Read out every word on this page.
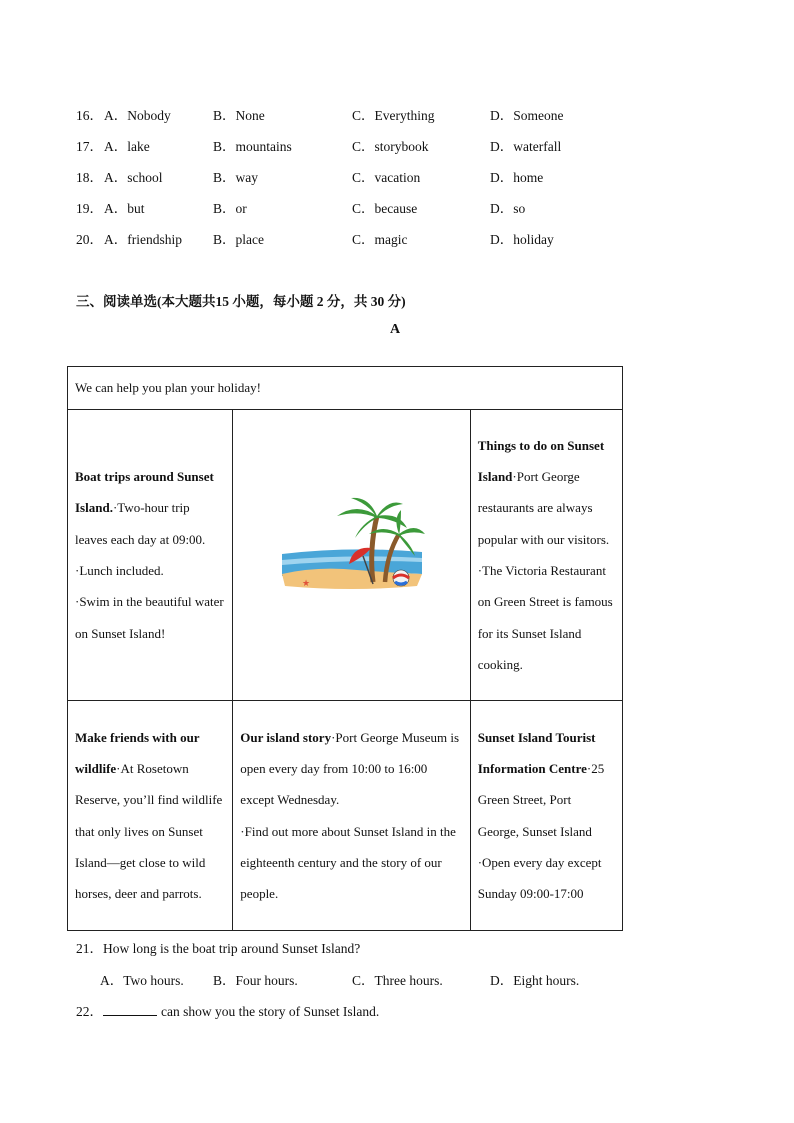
16． A．Nobody	B．None	C．Everything	D．Someone
17． A．lake	B．mountains	C．storybook	D．waterfall
18． A．school	B．way	C．vacation	D．home
19． A．but	B．or	C．because	D．so
20． A．friendship B．place	C．magic	D．holiday
三、阅读单选(本大题共15 小题，每小题 2 分，共 30 分)
A
We can help you plan your holiday!		
Boat trips around Sunset Island.·Two-hour trip leaves each day at 09:00.
·Lunch included.
·Swim in the beautiful water on Sunset Island!	★	Things to do on Sunset Island·Port George restaurants are always popular with our visitors.
·The Victoria Restaurant on Green Street is famous for its Sunset Island cooking.
Make friends with our wildlife·At Rosetown Reserve, you’ll find wildlife that only lives on Sunset Island—get close to wild horses, deer and parrots.	Our island story·Port George Museum is open every day from 10:00 to 16:00 except Wednesday.
·Find out more about Sunset Island in the eighteenth century and the story of our people.	Sunset Island Tourist Information Centre·25 Green Street, Port George, Sunset Island
·Open every day except Sunday 09:00-17:00
21．How long is the boat trip around Sunset Island?
A．Two hours. B．Four hours.	C．Three hours.	D．Eight hours.
22．	can show you the story of Sunset Island.
